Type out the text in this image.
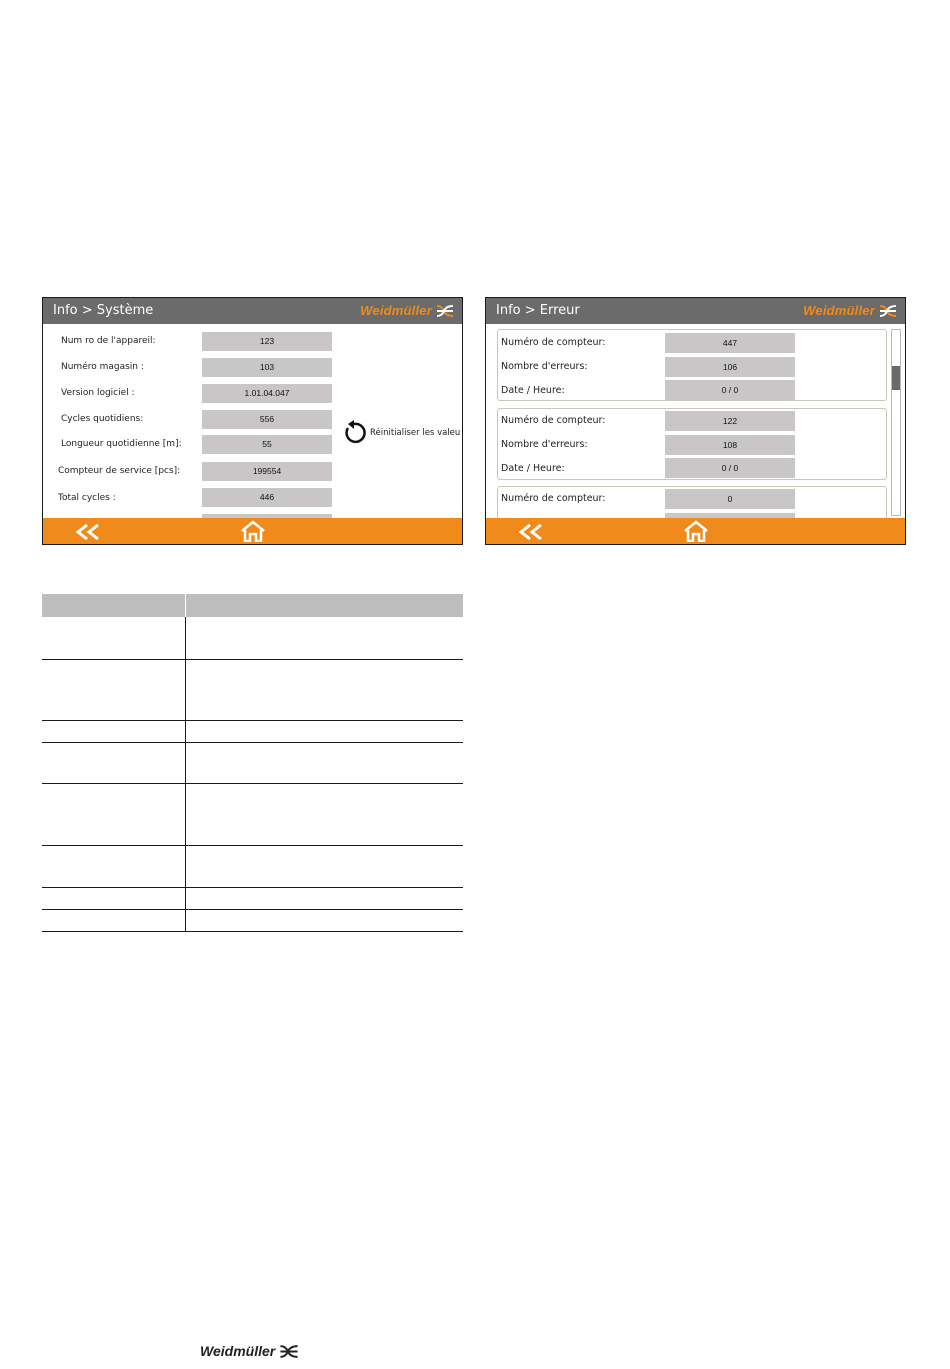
Info > Système	Weidmüller
Num ro de l'appareil:	123
Numéro magasin :	103
Version logiciel :	1.01.04.047
Cycles quotidiens:	556
Longueur quotidienne [m]:	55
Compteur de service [pcs]:	199554
Total cycles :	446
Réinitialiser les valeu
Info > Erreur	Weidmüller
Numéro de compteur:	447
Nombre d'erreurs:	106
Date / Heure:	0 / 0
Numéro de compteur:	122
Nombre d'erreurs:	108
Date / Heure:	0 / 0
Numéro de compteur:	0
Weidmüller
